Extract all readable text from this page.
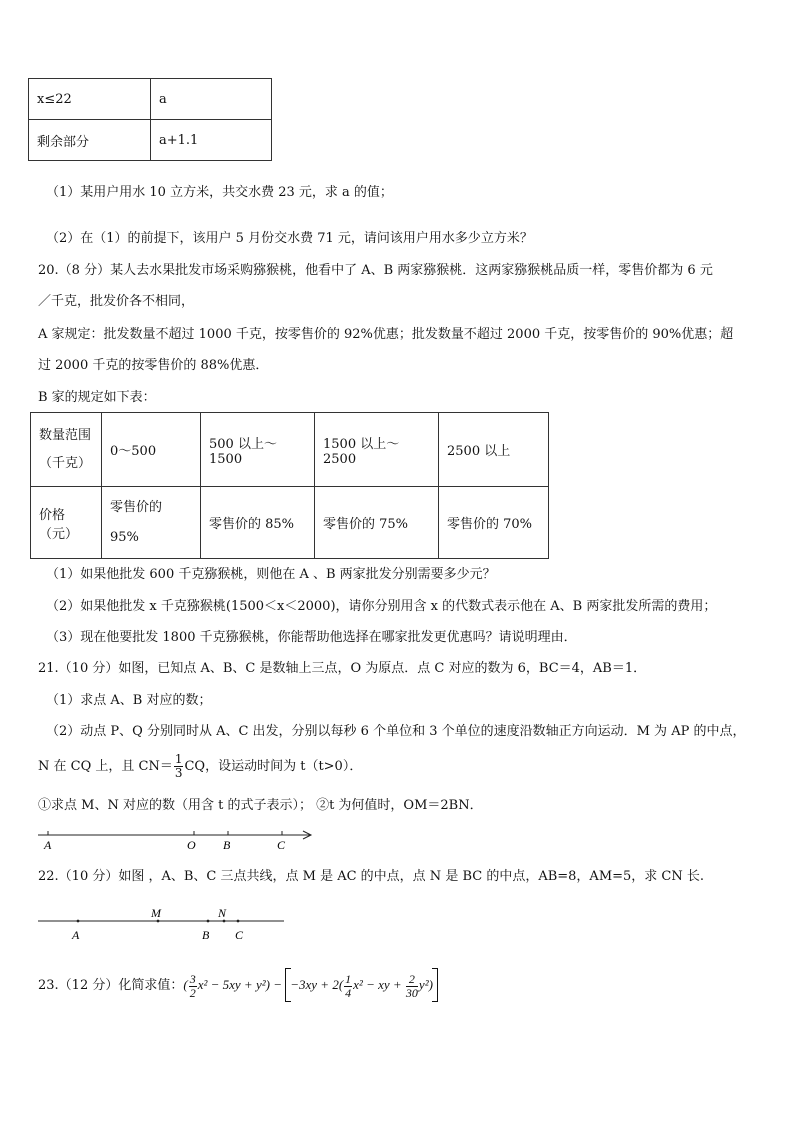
x≤22	a
剩余部分	a+1.1
（1）某用户用水 10 立方米，共交水费 23 元，求 a 的值；
（2）在（1）的前提下，该用户 5 月份交水费 71 元，请问该用户用水多少立方米？
20.（8 分）某人去水果批发市场采购猕猴桃，他看中了 A、B 两家猕猴桃．这两家猕猴桃品质一样，零售价都为 6 元
／千克，批发价各不相同，
A 家规定：批发数量不超过 1000 千克，按零售价的 92%优惠；批发数量不超过 2000 千克，按零售价的 90%优惠；超
过 2000 千克的按零售价的 88%优惠．
B 家的规定如下表：
数量范围
（千克）	0～500	500 以上～1500	1500 以上～2500	2500 以上
价格（元）	零售价的
95%	零售价的 85%	零售价的 75%	零售价的 70%
（1）如果他批发 600 千克猕猴桃，则他在 A 、B 两家批发分别需要多少元？
（2）如果他批发 x 千克猕猴桃(1500＜x＜2000)，请你分别用含 x 的代数式表示他在 A、B 两家批发所需的费用；
（3）现在他要批发 1800 千克猕猴桃，你能帮助他选择在哪家批发更优惠吗？请说明理由．
21.（10 分）如图，已知点 A、B、C 是数轴上三点，O 为原点．点 C 对应的数为 6，BC＝4，AB＝1．
（1）求点 A、B 对应的数；
（2）动点 P、Q 分别同时从 A、C 出发，分别以每秒 6 个单位和 3 个单位的速度沿数轴正方向运动．M 为 AP 的中点，
N 在 CQ 上，且 $CN= \frac{1}{3}$ CQ，设运动时间为 t（t>0）．
①求点 M、N 对应的数（用含 t 的式子表示）； ②t 为何值时，OM＝2BN．
A	O B	C
22.（10 分）如图 ，A、B、C 三点共线，点 M 是 AC 的中点，点 N 是 BC 的中点，AB=8，AM=5，求 CN 长.
M	N
A	B C
23.（12 分）化简求值：( $\frac{3}{2} x^2 - 5xy + y^2$) −
$-3xy + 2( \frac{1}{4} x^2$ − xy + $\frac{2}{30} y^2$)
